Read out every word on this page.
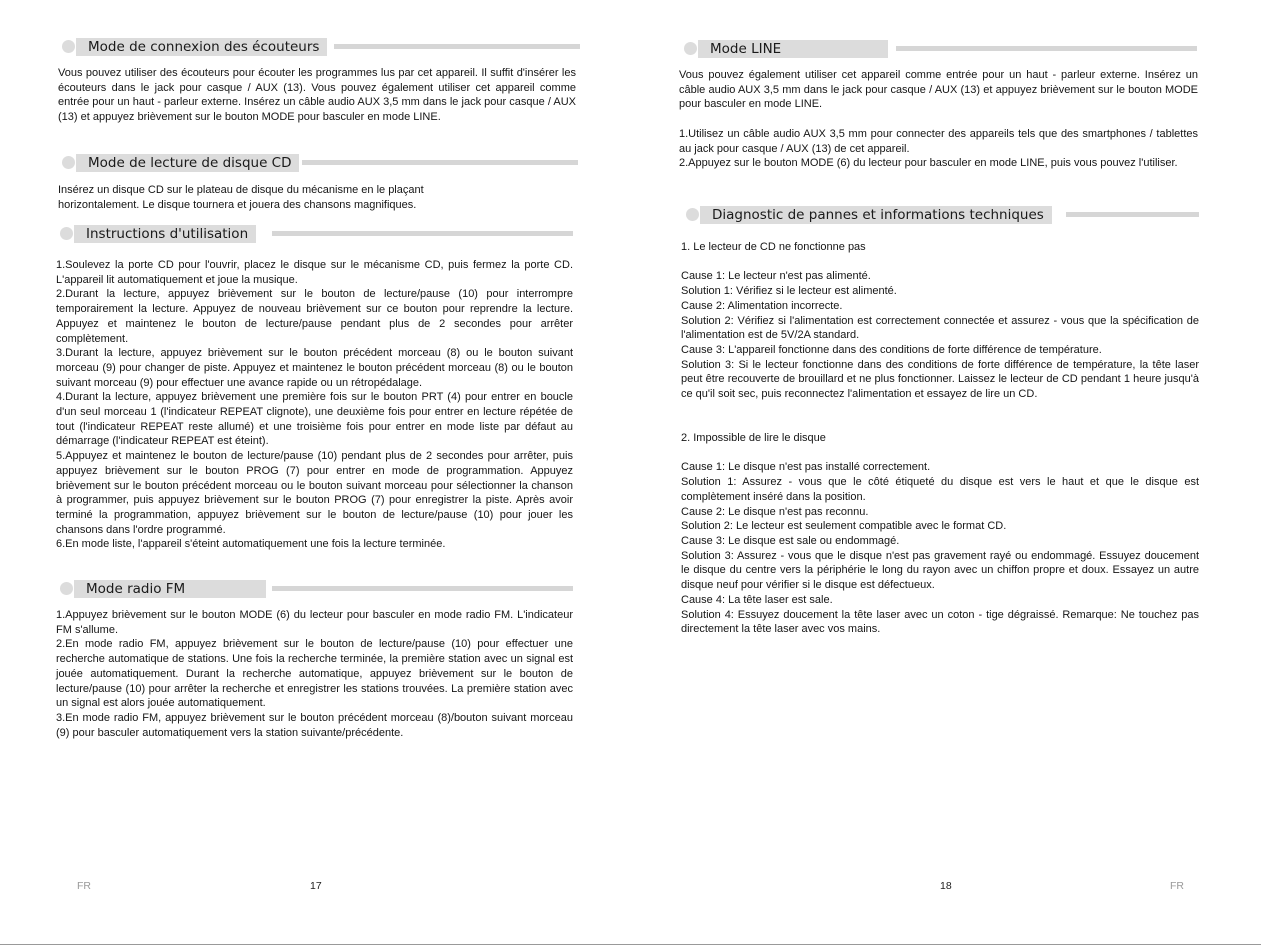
Mode de connexion des écouteurs

Vous pouvez utiliser des écouteurs pour écouter les programmes lus par cet appareil. Il suffit d'insérer les écouteurs dans le jack pour casque / AUX (13). Vous pouvez également utiliser cet appareil comme entrée pour un haut - parleur externe. Insérez un câble audio AUX 3,5 mm dans le jack pour casque / AUX (13) et appuyez brièvement sur le bouton MODE pour basculer en mode LINE.

Mode de lecture de disque CD

Insérez un disque CD sur le plateau de disque du mécanisme en le plaçant

horizontalement. Le disque tournera et jouera des chansons magnifiques.

Instructions d'utilisation

1.Soulevez la porte CD pour l'ouvrir, placez le disque sur le mécanisme CD, puis fermez la porte CD. L'appareil lit automatiquement et joue la musique.

2.Durant la lecture, appuyez brièvement sur le bouton de lecture/pause (10) pour interrompre temporairement la lecture. Appuyez de nouveau brièvement sur ce bouton pour reprendre la lecture. Appuyez et maintenez le bouton de lecture/pause pendant plus de 2 secondes pour arrêter complètement.

3.Durant la lecture, appuyez brièvement sur le bouton précédent morceau (8) ou le bouton suivant morceau (9) pour changer de piste. Appuyez et maintenez le bouton précédent morceau (8) ou le bouton suivant morceau (9) pour effectuer une avance rapide ou un rétropédalage.

4.Durant la lecture, appuyez brièvement une première fois sur le bouton PRT (4) pour entrer en boucle d'un seul morceau 1 (l'indicateur REPEAT clignote), une deuxième fois pour entrer en lecture répétée de tout (l'indicateur REPEAT reste allumé) et une troisième fois pour entrer en mode liste par défaut au démarrage (l'indicateur REPEAT est éteint).

5.Appuyez et maintenez le bouton de lecture/pause (10) pendant plus de 2 secondes pour arrêter, puis appuyez brièvement sur le bouton PROG (7) pour entrer en mode de programmation. Appuyez brièvement sur le bouton précédent morceau ou le bouton suivant morceau pour sélectionner la chanson à programmer, puis appuyez brièvement sur le bouton PROG (7) pour enregistrer la piste. Après avoir terminé la programmation, appuyez brièvement sur le bouton de lecture/pause (10) pour jouer les chansons dans l'ordre programmé.

6.En mode liste, l'appareil s'éteint automatiquement une fois la lecture terminée.

Mode radio FM

1.Appuyez brièvement sur le bouton MODE (6) du lecteur pour basculer en mode radio FM. L'indicateur FM s'allume.

2.En mode radio FM, appuyez brièvement sur le bouton de lecture/pause (10) pour effectuer une recherche automatique de stations. Une fois la recherche terminée, la première station avec un signal est jouée automatiquement. Durant la recherche automatique, appuyez brièvement sur le bouton de lecture/pause (10) pour arrêter la recherche et enregistrer les stations trouvées. La première station avec un signal est alors jouée automatiquement.

3.En mode radio FM, appuyez brièvement sur le bouton précédent morceau (8)/bouton suivant morceau (9) pour basculer automatiquement vers la station suivante/précédente.

FR	17
Mode LINE

Vous pouvez également utiliser cet appareil comme entrée pour un haut - parleur externe. Insérez un câble audio AUX 3,5 mm dans le jack pour casque / AUX (13) et appuyez brièvement sur le bouton MODE pour basculer en mode LINE.

1.Utilisez un câble audio AUX 3,5 mm pour connecter des appareils tels que des smartphones / tablettes au jack pour casque / AUX (13) de cet appareil.

2.Appuyez sur le bouton MODE (6) du lecteur pour basculer en mode LINE, puis vous pouvez l'utiliser.

Diagnostic de pannes et informations techniques

1. Le lecteur de CD ne fonctionne pas

Cause 1: Le lecteur n'est pas alimenté.

Solution 1: Vérifiez si le lecteur est alimenté.

Cause 2: Alimentation incorrecte.

Solution 2: Vérifiez si l'alimentation est correctement connectée et assurez - vous que la spécification de l'alimentation est de 5V/2A standard.

Cause 3: L'appareil fonctionne dans des conditions de forte différence de température.

Solution 3: Si le lecteur fonctionne dans des conditions de forte différence de température, la tête laser peut être recouverte de brouillard et ne plus fonctionner. Laissez le lecteur de CD pendant 1 heure jusqu'à ce qu'il soit sec, puis reconnectez l'alimentation et essayez de lire un CD.

2. Impossible de lire le disque

Cause 1: Le disque n'est pas installé correctement.

Solution 1: Assurez - vous que le côté étiqueté du disque est vers le haut et que le disque est complètement inséré dans la position.

Cause 2: Le disque n'est pas reconnu.

Solution 2: Le lecteur est seulement compatible avec le format CD.

Cause 3: Le disque est sale ou endommagé.

Solution 3: Assurez - vous que le disque n'est pas gravement rayé ou endommagé. Essuyez doucement le disque du centre vers la périphérie le long du rayon avec un chiffon propre et doux. Essayez un autre disque neuf pour vérifier si le disque est défectueux.

Cause 4: La tête laser est sale.

Solution 4: Essuyez doucement la tête laser avec un coton - tige dégraissé. Remarque: Ne touchez pas directement la tête laser avec vos mains.

18	FR
